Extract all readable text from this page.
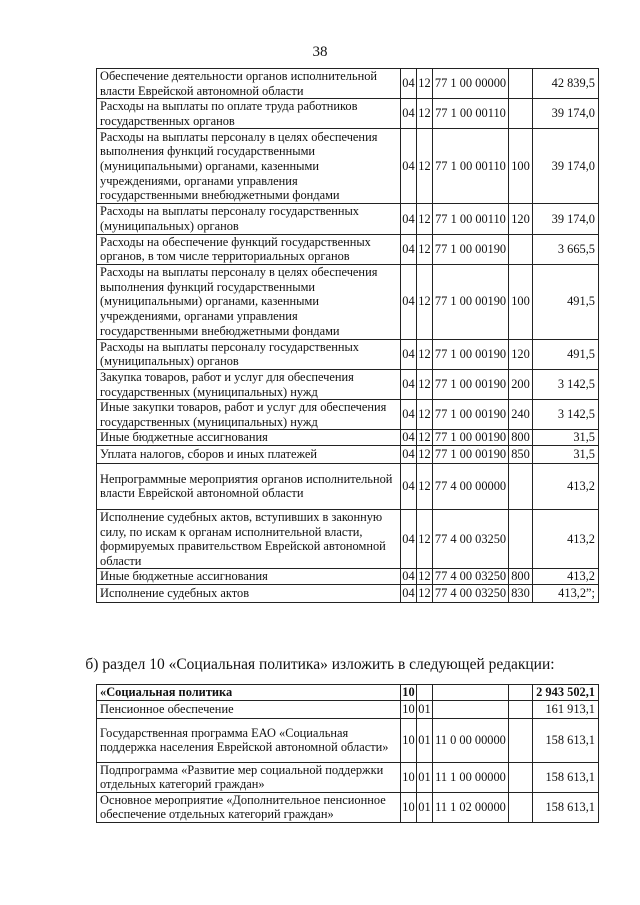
38
Обеспечение деятельности органов исполнительной власти Еврейской автономной области	04	12	77 1 00 00000		42 839,5
Расходы на выплаты по оплате труда работников государственных органов	04	12	77 1 00 00110		39 174,0
Расходы на выплаты персоналу в целях обеспечения выполнения функций государственными (муниципальными) органами, казенными учреждениями, органами управления государственными внебюджетными фондами	04	12	77 1 00 00110	100	39 174,0
Расходы на выплаты персоналу государственных (муниципальных) органов	04	12	77 1 00 00110	120	39 174,0
Расходы на обеспечение функций государственных органов, в том числе территориальных органов	04	12	77 1 00 00190		3 665,5
Расходы на выплаты персоналу в целях обеспечения выполнения функций государственными (муниципальными) органами, казенными учреждениями, органами управления государственными внебюджетными фондами	04	12	77 1 00 00190	100	491,5
Расходы на выплаты персоналу государственных (муниципальных) органов	04	12	77 1 00 00190	120	491,5
Закупка товаров, работ и услуг для обеспечения государственных (муниципальных) нужд	04	12	77 1 00 00190	200	3 142,5
Иные закупки товаров, работ и услуг для обеспечения государственных (муниципальных) нужд	04	12	77 1 00 00190	240	3 142,5
Иные бюджетные ассигнования	04	12	77 1 00 00190	800	31,5
Уплата налогов, сборов и иных платежей	04	12	77 1 00 00190	850	31,5
Непрограммные мероприятия органов исполнительной власти Еврейской автономной области	04	12	77 4 00 00000		413,2
Исполнение судебных актов, вступивших в законную силу, по искам к органам исполнительной власти, формируемых правительством Еврейской автономной области	04	12	77 4 00 03250		413,2
Иные бюджетные ассигнования	04	12	77 4 00 03250	800	413,2
Исполнение судебных актов	04	12	77 4 00 03250	830	413,2”;
б) раздел 10 «Социальная политика» изложить в следующей редакции:
«Социальная политика	10				2 943 502,1
Пенсионное обеспечение	10	01			161 913,1
Государственная программа ЕАО «Социальная поддержка населения Еврейской автономной области»	10	01	11 0 00 00000		158 613,1
Подпрограмма «Развитие мер социальной поддержки отдельных категорий граждан»	10	01	11 1 00 00000		158 613,1
Основное мероприятие «Дополнительное пенсионное обеспечение отдельных категорий граждан»	10	01	11 1 02 00000		158 613,1
